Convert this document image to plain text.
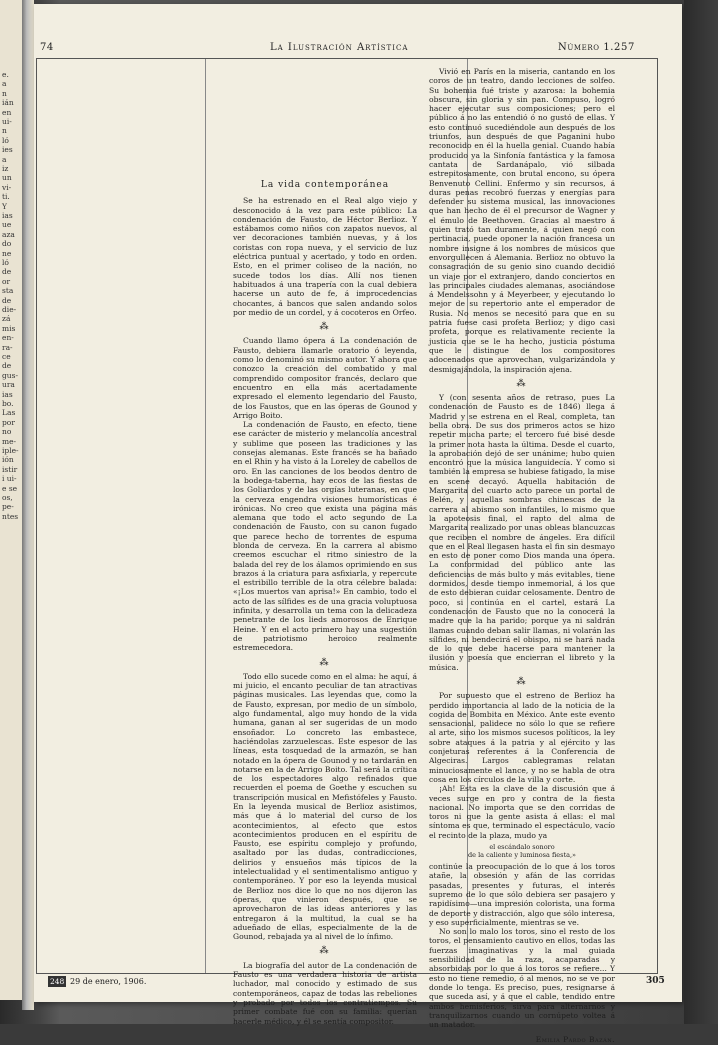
e.
a
n
ián
en
ui-
n
ló
ies
a
iz
un
vi-
ti.
Y
ias
ue
aza
do
ne
ló
de
or
sta
de
die-
zá
mis
en-
ra-
ce
de
gus-
ura
ias
bo.
Las
por
no
me-
iple-
ión
istir
i ui-
e se
os,
pe-
ntes
74	La Ilustración Artística	Número 1.257
La vida contemporánea

Se ha estrenado en el Real algo viejo y desconocido á la vez para este público: La condenación de Fausto, de Héctor Berlioz. Y estábamos como niños con zapatos nuevos, al ver decoraciones también nuevas, y á los coristas con ropa nueva, y el servicio de luz eléctrica puntual y acertado, y todo en orden. Esto, en el primer coliseo de la nación, no sucede todos los días. Allí nos tienen habituados á una trapería con la cual debiera hacerse un auto de fe, á improcedencias chocantes, á bancos que salen andando solos por medio de un cordel, y á cocoteros en Orfeo.

⁂

Cuando llamo ópera á La condenación de Fausto, debiera llamarle oratorio ó leyenda, como lo denominó su mismo autor. Y ahora que conozco la creación del combatido y mal comprendido compositor francés, declaro que encuentro en ella más acertadamente expresado el elemento legendario del Fausto, de los Faustos, que en las óperas de Gounod y Arrigo Boito.

La condenación de Fausto, en efecto, tiene ese carácter de misterio y melancolía ancestral y sublime que poseen las tradiciones y las consejas alemanas. Este francés se ha bañado en el Rhin y ha visto á la Loreley de cabellos de oro. En las canciones de los beodos dentro de la bodega-taberna, hay ecos de las fiestas de los Goliardos y de las orgías luteranas, en que la cerveza engendra visiones humorísticas é irónicas. No creo que exista una página más alemana que todo el acto segundo de La condenación de Fausto, con su canon fugado que parece hecho de torrentes de espuma blonda de cerveza. En la carrera al abismo creemos escuchar el ritmo siniestro de la balada del rey de los álamos oprimiendo en sus brazos á la criatura para asfixiarla, y repercute el estribillo terrible de la otra célebre balada: «¡Los muertos van aprisa!» En cambio, todo el acto de las sílfides es de una gracia voluptuosa infinita, y desarrolla un tema con la delicadeza penetrante de los lieds amorosos de Enrique Heine. Y en el acto primero hay una sugestión de patriotismo heroico realmente estremecedora.

⁂

Todo ello sucede como en el alma: he aquí, á mi juicio, el encanto peculiar de tan atractivas páginas musicales. Las leyendas que, como la de Fausto, expresan, por medio de un símbolo, algo fundamental, algo muy hondo de la vida humana, ganan al ser sugeridas de un modo ensoñador. Lo concreto las embastece, haciéndolas zarzuelescas. Este espesor de las líneas, esta tosquedad de la armazón, se han notado en la ópera de Gounod y no tardarán en notarse en la de Arrigo Boito. Tal será la crítica de los espectadores algo refinados que recuerden el poema de Goethe y escuchen su transcripción musical en Mefistófeles y Fausto. En la leyenda musical de Berlioz asistimos, más que á lo material del curso de los acontecimientos, al efecto que estos acontecimientos producen en el espíritu de Fausto, ese espíritu complejo y profundo, asaltado por las dudas, contradicciones, delirios y ensueños más típicos de la intelectualidad y el sentimentalismo antiguo y contemporáneo. Y por eso la leyenda musical de Berlioz nos dice lo que no nos dijeron las óperas, que vinieron después, que se aprovecharon de las ideas anteriores y las entregaron á la multitud, la cual se ha adueñado de ellas, especialmente de la de Gounod, rebajada ya al nivel de lo ínfimo.

⁂

La biografía del autor de La condenación de Fausto es una verdadera historia de artista luchador, mal conocido y estimado de sus contemporáneos, capaz de todas las rebeliones y probado por todos los contratiempos. Su primer combate fué con su familia: querían hacerle médico, y él se sentía compositor.

Vivió en París en la miseria, cantando en los coros de un teatro, dando lecciones de solfeo. Su bohemia fué triste y azarosa: la bohemia obscura, sin gloria y sin pan. Compuso, logró hacer ejecutar sus composiciones; pero el público á no las entendió ó no gustó de ellas. Y esto continuó sucediéndole aun después de los triunfos, aun después de que Paganini hubo reconocido en él la huella genial. Cuando había producido ya la Sinfonía fantástica y la famosa cantata de Sardanápalo, vió silbada estrepitosamente, con brutal encono, su ópera Benvenuto Cellini. Enfermo y sin recursos, á duras penas recobró fuerzas y energías para defender su sistema musical, las innovaciones que han hecho de él el precursor de Wagner y el émulo de Beethoven. Gracias al maestro á quien trató tan duramente, á quien negó con pertinacia, puede oponer la nación francesa un nombre insigne á los nombres de músicos que envorgullecen á Alemania. Berlioz no obtuvo la consagración de su genio sino cuando decidió un viaje por el extranjero, dando conciertos en las principales ciudades alemanas, asociándose á Mendelssohn y á Meyerbeer, y ejecutando lo mejor de su repertorio ante el emperador de Rusia. No menos se necesitó para que en su patria fuese casi profeta Berlioz; y digo casi profeta, porque es relativamente reciente la justicia que se le ha hecho, justicia póstuma que le distingue de los compositores adocenados que aprovechan, vulgarizándola y desmigajándola, la inspiración ajena.

⁂

Y (con sesenta años de retraso, pues La condenación de Fausto es de 1846) llega á Madrid y se estrena en el Real, completa, tan bella obra. De sus dos primeros actos se hizo repetir mucha parte; el tercero fué bisé desde la primer nota hasta la última. Desde el cuarto, la aprobación dejó de ser unánime; hubo quien encontró que la música languidecía. Y como si también la empresa se hubiese fatigado, la mise en scene decayó. Aquella habitación de Margarita del cuarto acto parece un portal de Belén, y aquellas sombras chinescas de la carrera al abismo son infantiles, lo mismo que la apoteosis final, el rapto del alma de Margarita realizado por unas obleas blancuzcas que reciben el nombre de ángeles. Era difícil que en el Real llegasen hasta el fin sin desmayo en esto de poner como Dios manda una ópera. La conformidad del público ante las deficiencias de más bulto y más evitables, tiene dormidos, desde tiempo inmemorial, á los que de esto debieran cuidar celosamente. Dentro de poco, si continúa en el cartel, estará La condenación de Fausto que no la conocerá la madre que la ha parido; porque ya ni saldrán llamas cuando deban salir llamas, ni volarán las sílfides, ni bendecirá el obispo, ni se hará nada de lo que debe hacerse para mantener la ilusión y poesía que encierran el libreto y la música.

⁂

Por supuesto que el estreno de Berlioz ha perdido importancia al lado de la noticia de la cogida de Bombita en México. Ante este evento sensacional, palidece no sólo lo que se refiere al arte, sino los mismos sucesos políticos, la ley sobre ataques á la patria y al ejército y las conjeturas referentes á la Conferencia de Algeciras. Largos cablegramas relatan minuciosamente el lance, y no se habla de otra cosa en los círculos de la villa y corte.

¡Ah! Esta es la clave de la discusión que á veces surge en pro y contra de la fiesta nacional. No importa que se den corridas de toros ni que la gente asista á ellas: el mal síntoma es que, terminado el espectáculo, vacío el recinto de la plaza, mudo ya

el escándalo sonoro
de la caliente y luminosa fiesta,»

continúe la preocupación de lo que á los toros atañe, la obsesión y afán de las corridas pasadas, presentes y futuras, el interés supremo de lo que sólo debiera ser pasajero y rapidísimo—una impresión colorista, una forma de deporte y distracción, algo que sólo interesa, y eso superficialmente, mientras se ve.

No son lo malo los toros, sino el resto de los toros, el pensamiento cautivo en ellos, todas las fuerzas imaginativas y la mal guiada sensibilidad de la raza, acaparadas y absorbidas por lo que á los toros se refiere... Y esto no tiene remedio, ó al menos, no se ve por donde lo tenga. Es preciso, pues, resignarse á que suceda así, y á que el cable, tendido entre ambos hemisferios, sirva para alternarnos y tranquilizarnos cuando un cornúpeto voltea á un matador.

Emilia Pardo Bazán.
248 29 de enero, 1906.	305
